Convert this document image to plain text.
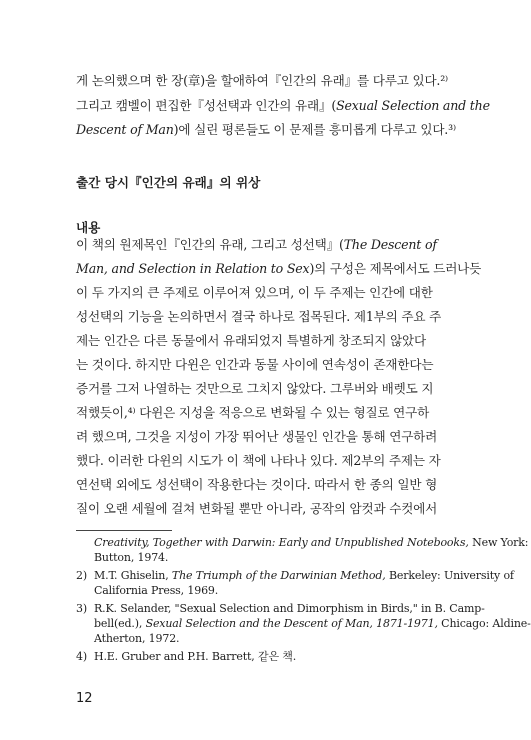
게 논의했으며 한 장(章)을 할애하여『인간의 유래』를 다루고 있다.²⁾

그리고 캠벨이 편집한『성선택과 인간의 유래』(Sexual Selection and the

Descent of Man)에 실린 평론들도 이 문제를 흥미롭게 다루고 있다.³⁾

출간 당시『인간의 유래』의 위상
내용

이 책의 원제목인『인간의 유래, 그리고 성선택』(The Descent of

Man, and Selection in Relation to Sex)의 구성은 제목에서도 드러나듯

이 두 가지의 큰 주제로 이루어져 있으며, 이 두 주제는 인간에 대한

성선택의 기능을 논의하면서 결국 하나로 접목된다. 제1부의 주요 주

제는 인간은 다른 동물에서 유래되었지 특별하게 창조되지 않았다

는 것이다. 하지만 다윈은 인간과 동물 사이에 연속성이 존재한다는

증거를 그저 나열하는 것만으로 그치지 않았다. 그루버와 배렛도 지

적했듯이,⁴⁾ 다윈은 지성을 적응으로 변화될 수 있는 형질로 연구하

려 했으며, 그것을 지성이 가장 뛰어난 생물인 인간을 통해 연구하려

했다. 이러한 다윈의 시도가 이 책에 나타나 있다. 제2부의 주제는 자

연선택 외에도 성선택이 작용한다는 것이다. 따라서 한 종의 일반 형

질이 오랜 세월에 걸쳐 변화될 뿐만 아니라, 공작의 암컷과 수컷에서

Creativity, Together with Darwin: Early and Unpublished Notebooks, New York:
Button, 1974.
2) M.T. Ghiselin, The Triumph of the Darwinian Method, Berkeley: University of
California Press, 1969.
3) R.K. Selander, "Sexual Selection and Dimorphism in Birds," in B. Camp-
bell(ed.), Sexual Selection and the Descent of Man, 1871-1971, Chicago: Aldine-
Atherton, 1972.
4) H.E. Gruber and P.H. Barrett, 같은 책.
12
